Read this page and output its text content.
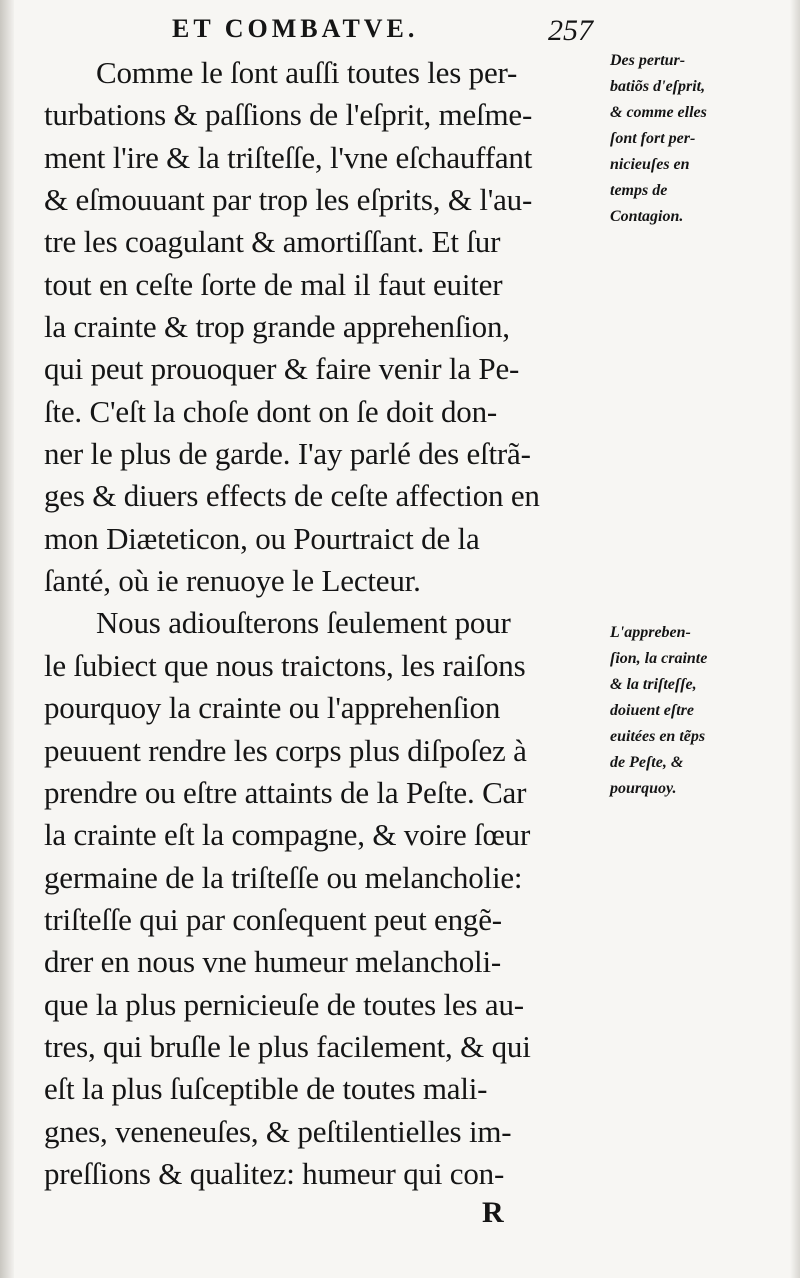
ET COMBATVE.	257
Comme le ſont auſſi toutes les per-
turbations & paſſions de l'eſprit, meſme-
ment l'ire & la triſteſſe, l'vne eſchauffant
& eſmouuant par trop les eſprits, & l'au-
tre les coagulant & amortiſſant. Et ſur
tout en ceſte ſorte de mal il faut euiter
la crainte & trop grande apprehenſion,
qui peut prouoquer & faire venir la Pe-
ſte. C'eſt la choſe dont on ſe doit don-
ner le plus de garde. I'ay parlé des eſtrã-
ges & diuers effects de ceſte affection en
mon Diæteticon, ou Pourtraict de la
ſanté, où ie renuoye le Lecteur.
Nous adiouſterons ſeulement pour
le ſubiect que nous traictons, les raiſons
pourquoy la crainte ou l'apprehenſion
peuuent rendre les corps plus diſpoſez à
prendre ou eſtre attaints de la Peſte. Car
la crainte eſt la compagne, & voire ſœur
germaine de la triſteſſe ou melancholie:
triſteſſe qui par conſequent peut engẽ-
drer en nous vne humeur melancholi-
que la plus pernicieuſe de toutes les au-
tres, qui bruſle le plus facilement, & qui
eſt la plus ſuſceptible de toutes mali-
gnes, veneneuſes, & peſtilentielles im-
preſſions & qualitez: humeur qui con-
Des pertur-
batiõs d'eſprit,
& comme elles
ſont fort per-
nicieuſes en
temps de
Contagion.
L'appreben-
ſion, la crainte
& la triſteſſe,
doiuent eſtre
euitées en tẽps
de Peſte, &
pourquoy.
R
